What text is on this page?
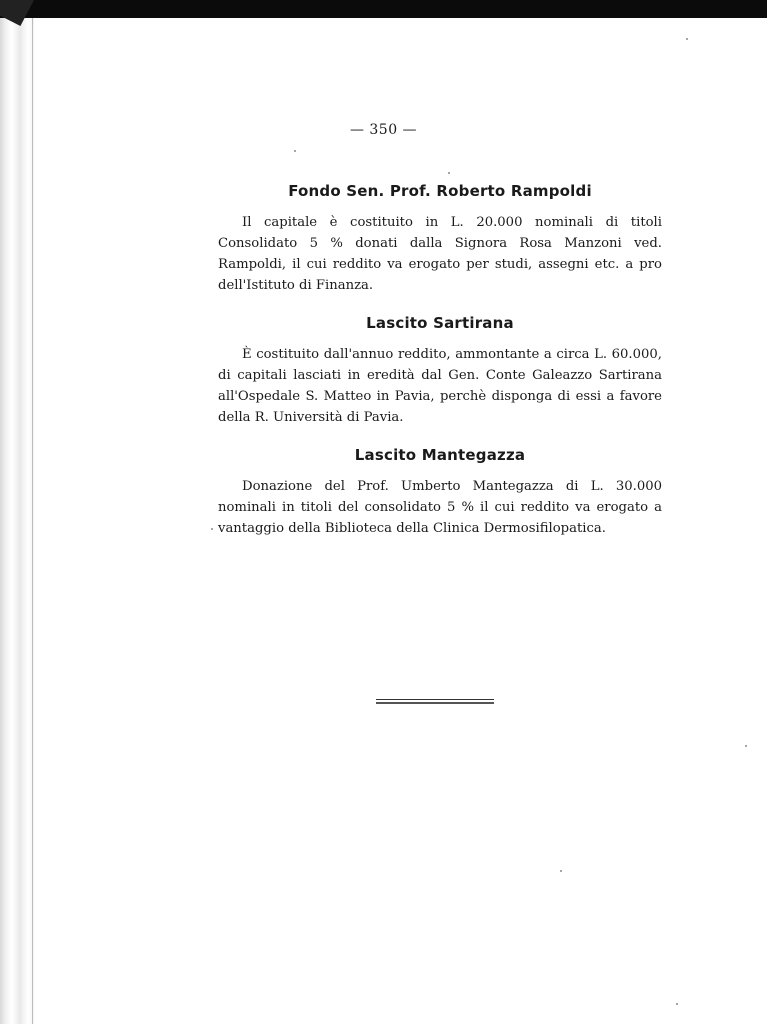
— 350 —
Fondo Sen. Prof. Roberto Rampoldi

Il capitale è costituito in L. 20.000 nominali di titoli Consolidato 5 % donati dalla Signora Rosa Manzoni ved. Rampoldi, il cui reddito va erogato per studi, assegni etc. a pro dell'Istituto di Finanza.

Lascito Sartirana

È costituito dall'annuo reddito, ammontante a circa L. 60.000, di capitali lasciati in eredità dal Gen. Conte Galeazzo Sartirana all'Ospedale S. Matteo in Pavia, perchè disponga di essi a favore della R. Università di Pavia.

Lascito Mantegazza

Donazione del Prof. Umberto Mantegazza di L. 30.000 nominali in titoli del consolidato 5 % il cui reddito va erogato a vantaggio della Biblioteca della Clinica Dermosifilopatica.
